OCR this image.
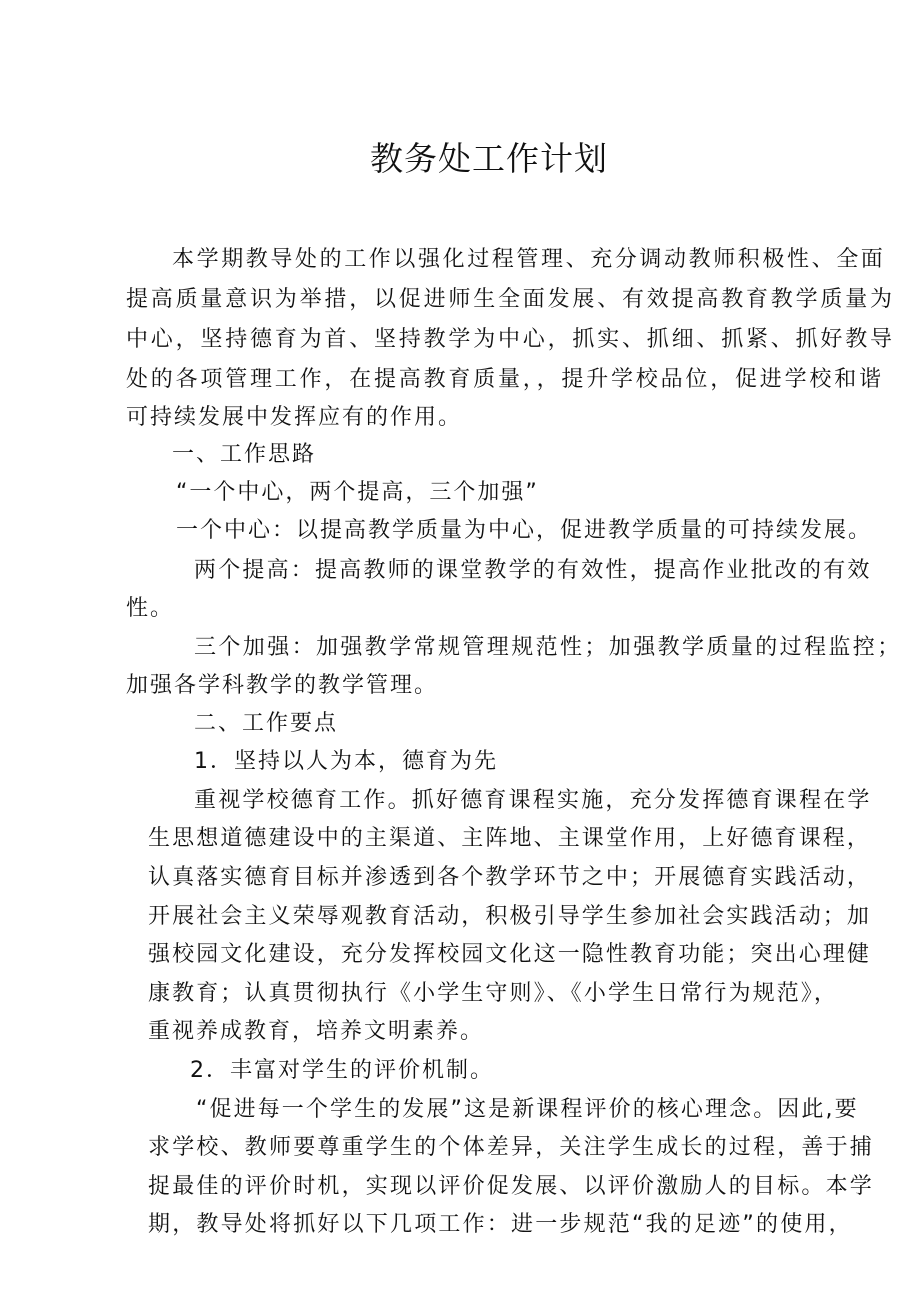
教务处工作计划

本学期教导处的工作以强化过程管理、充分调动教师积极性、全面

提高质量意识为举措，以促进师生全面发展、有效提高教育教学质量为

中心，坚持德育为首、坚持教学为中心，抓实、抓细、抓紧、抓好教导

处的各项管理工作，在提高教育质量，，提升学校品位，促进学校和谐

可持续发展中发挥应有的作用。

一、工作思路

“一个中心，两个提高，三个加强”

一个中心：以提高教学质量为中心，促进教学质量的可持续发展。

两个提高：提高教师的课堂教学的有效性，提高作业批改的有效

性。

三个加强：加强教学常规管理规范性；加强教学质量的过程监控；

加强各学科教学的教学管理。

二、工作要点

1．坚持以人为本，德育为先

重视学校德育工作。抓好德育课程实施，充分发挥德育课程在学

生思想道德建设中的主渠道、主阵地、主课堂作用，上好德育课程，

认真落实德育目标并渗透到各个教学环节之中；开展德育实践活动，

开展社会主义荣辱观教育活动，积极引导学生参加社会实践活动；加

强校园文化建设，充分发挥校园文化这一隐性教育功能；突出心理健

康教育；认真贯彻执行《小学生守则》、《小学生日常行为规范》，

重视养成教育，培养文明素养。

2．丰富对学生的评价机制。

“促进每一个学生的发展”这是新课程评价的核心理念。因此,要

求学校、教师要尊重学生的个体差异，关注学生成长的过程，善于捕

捉最佳的评价时机，实现以评价促发展、以评价激励人的目标。本学

期，教导处将抓好以下几项工作：进一步规范“我的足迹”的使用，
